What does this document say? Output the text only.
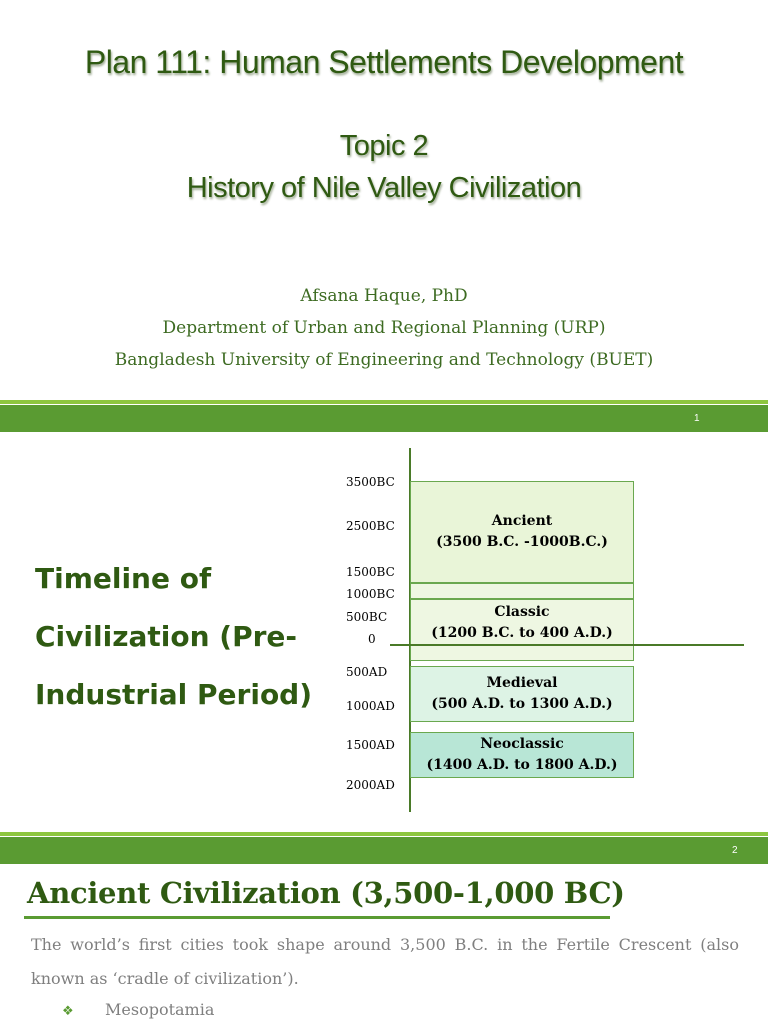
Plan 111: Human Settlements Development
Topic 2
History of Nile Valley Civilization
Afsana Haque, PhD
Department of Urban and Regional Planning (URP)
Bangladesh University of Engineering and Technology (BUET)
1
Timeline of
Civilization (Pre-
Industrial Period)
3500BC
2500BC
1500BC
1000BC
500BC
0
500AD
1000AD
1500AD
2000AD
Ancient
(3500 B.C. -1000B.C.)
Classic
(1200 B.C. to 400 A.D.)
Medieval
(500 A.D. to 1300 A.D.)
Neoclassic
(1400 A.D. to 1800 A.D.)
2
Ancient Civilization (3,500-1,000 BC)
The world’s first cities took shape around 3,500 B.C. in the Fertile Crescent (also
known as ‘cradle of civilization’).
❖ Mesopotamia
